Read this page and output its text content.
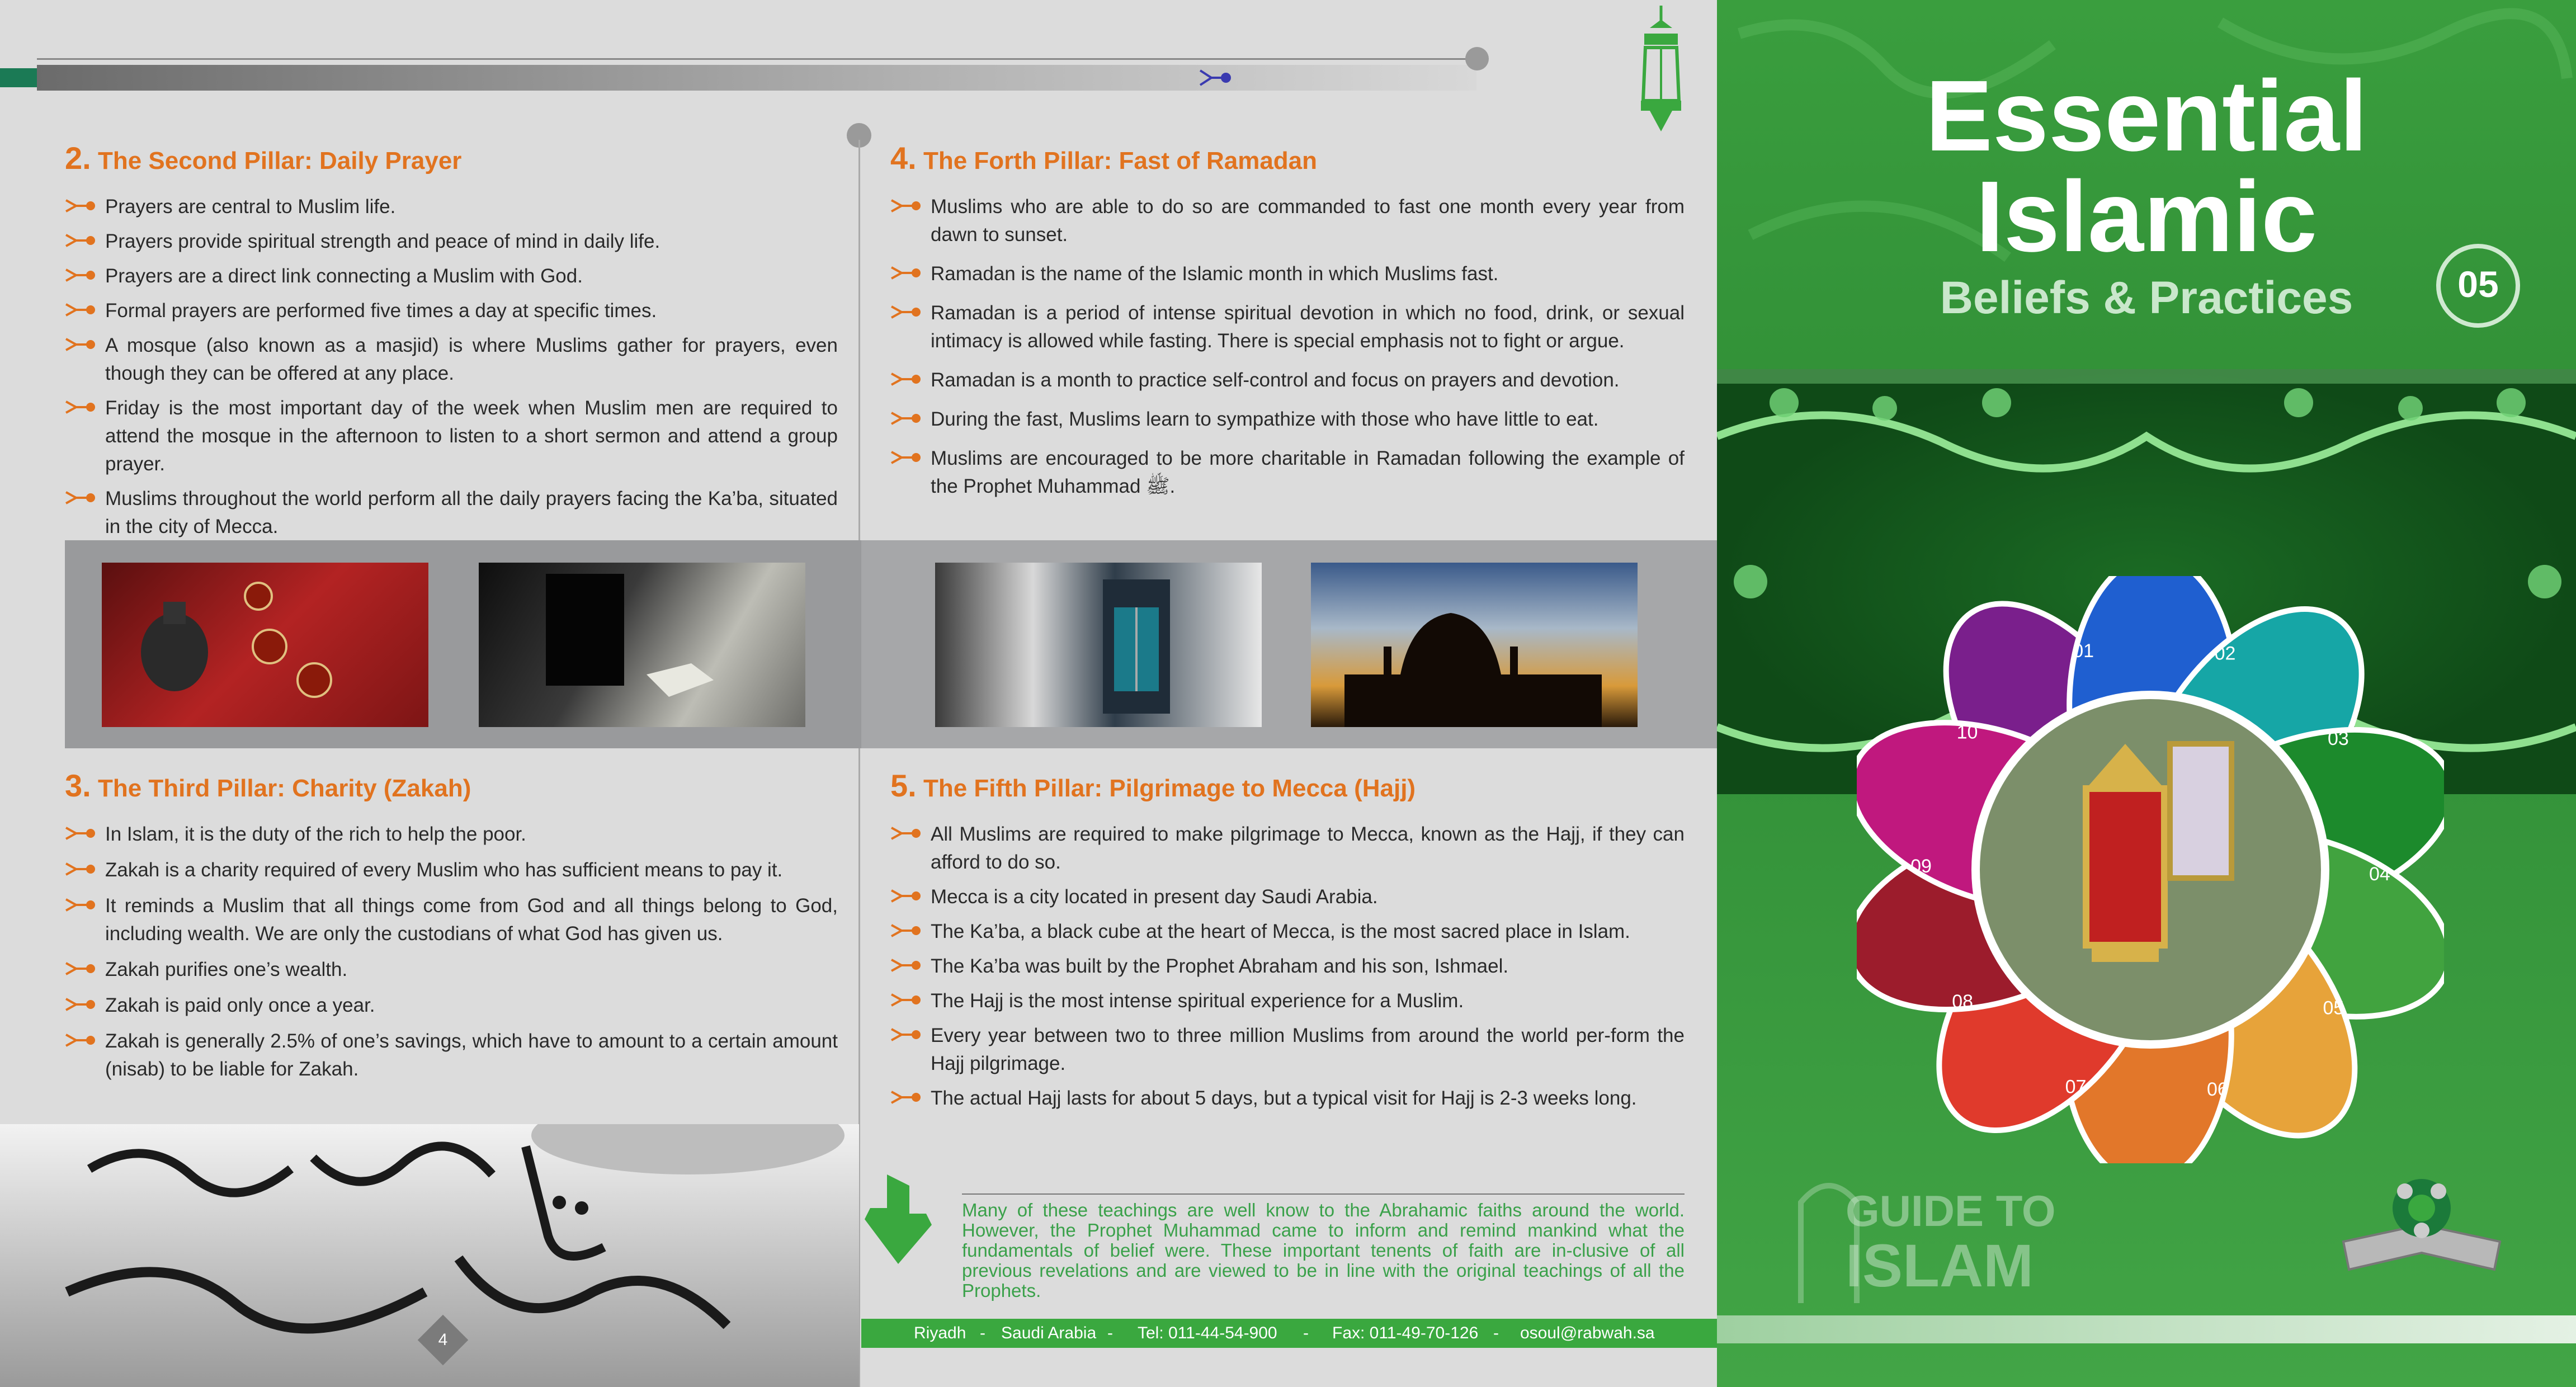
2. The Second Pillar: Daily Prayer
Prayers are central to Muslim life.
Prayers provide spiritual strength and peace of mind in daily life.
Prayers are a direct link connecting a Muslim with God.
Formal prayers are performed five times a day at specific times.
A mosque (also known as a masjid) is where Muslims gather for prayers, even though they can be offered at any place.
Friday is the most important day of the week when Muslim men are required to attend the mosque in the afternoon to listen to a short sermon and attend a group prayer.
Muslims throughout the world perform all the daily prayers facing the Ka’ba, situated in the city of Mecca.
4. The Forth Pillar: Fast of Ramadan
Muslims who are able to do so are commanded to fast one month every year from dawn to sunset.
Ramadan is the name of the Islamic month in which Muslims fast.
Ramadan is a period of intense spiritual devotion in which no food, drink, or sexual intimacy is allowed while fasting. There is special emphasis not to fight or argue.
Ramadan is a month to practice self-control and focus on prayers and devotion.
During the fast, Muslims learn to sympathize with those who have little to eat.
Muslims are encouraged to be more charitable in Ramadan following the example of the Prophet Muhammad ﷺ.
3. The Third Pillar: Charity (Zakah)
In Islam, it is the duty of the rich to help the poor.
Zakah is a charity required of every Muslim who has sufficient means to pay it.
It reminds a Muslim that all things come from God and all things belong to God, including wealth. We are only the custodians of what God has given us.
Zakah purifies one’s wealth.
Zakah is paid only once a year.
Zakah is generally 2.5% of one’s savings, which have to amount to a certain amount (nisab) to be liable for Zakah.
5. The Fifth Pillar: Pilgrimage to Mecca (Hajj)
All Muslims are required to make pilgrimage to Mecca, known as the Hajj, if they can afford to do so.
Mecca is a city located in present day Saudi Arabia.
The Ka’ba, a black cube at the heart of Mecca, is the most sacred place in Islam.
The Ka’ba was built by the Prophet Abraham and his son, Ishmael.
The Hajj is the most intense spiritual experience for a Muslim.
Every year between two to three million Muslims from around the world per-form the Hajj pilgrimage.
The actual Hajj lasts for about 5 days, but a typical visit for Hajj is 2-3 weeks long.
4
Many of these teachings are well know to the Abrahamic faiths around the world. However, the Prophet Muhammad came to inform and remind mankind what the fundamentals of belief were. These important tenents of faith are in-clusive of all previous revelations and are viewed to be in line with the original teachings of all the Prophets.
Riyadh - Saudi Arabia - Tel: 011-44-54-900 - Fax: 011-49-70-126 - osoul@rabwah.sa
Essential
Islamic
Beliefs & Practices	05
01	02
03
04
05
06
07
08
09
10
GUIDE TO
ISLAM
